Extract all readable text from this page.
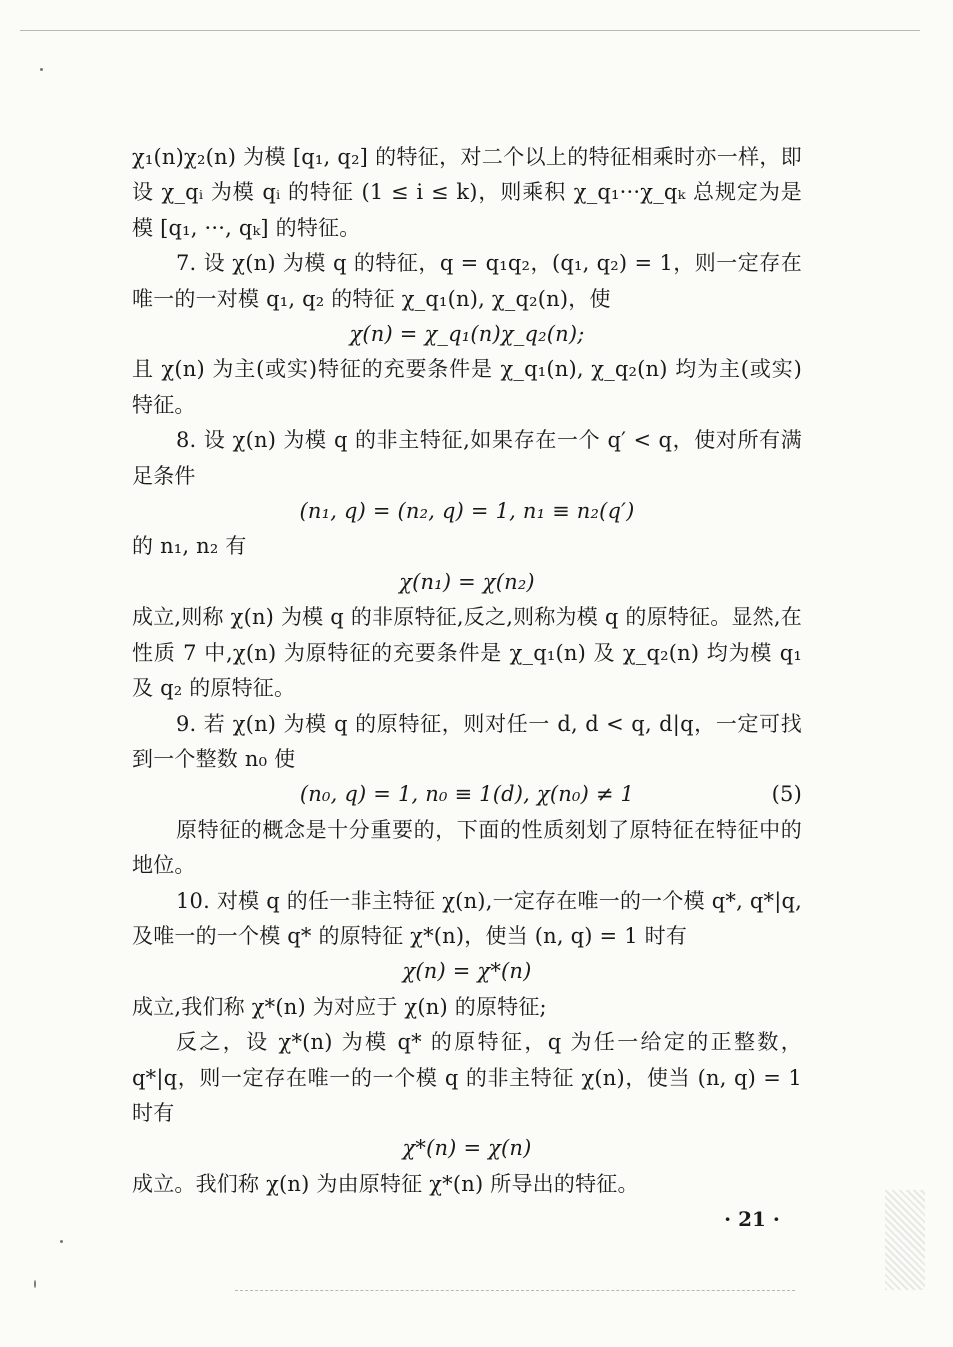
χ₁(n)χ₂(n) 为模 [q₁, q₂] 的特征，对二个以上的特征相乘时亦一样，即设 χ_qᵢ 为模 qᵢ 的特征 (1 ≤ i ≤ k)，则乘积 χ_q₁···χ_qₖ 总规定为是模 [q₁, ···, qₖ] 的特征。

7. 设 χ(n) 为模 q 的特征，q = q₁q₂，(q₁, q₂) = 1，则一定存在唯一的一对模 q₁, q₂ 的特征 χ_q₁(n), χ_q₂(n)，使

χ(n) = χ_q₁(n)χ_q₂(n);

且 χ(n) 为主(或实)特征的充要条件是 χ_q₁(n), χ_q₂(n) 均为主(或实)特征。

8. 设 χ(n) 为模 q 的非主特征,如果存在一个 q′ < q，使对所有满足条件

(n₁, q) = (n₂, q) = 1, n₁ ≡ n₂(q′)

的 n₁, n₂ 有

χ(n₁) = χ(n₂)

成立,则称 χ(n) 为模 q 的非原特征,反之,则称为模 q 的原特征。显然,在性质 7 中,χ(n) 为原特征的充要条件是 χ_q₁(n) 及 χ_q₂(n) 均为模 q₁ 及 q₂ 的原特征。

9. 若 χ(n) 为模 q 的原特征，则对任一 d, d < q, d|q，一定可找到一个整数 n₀ 使

(n₀, q) = 1, n₀ ≡ 1(d), χ(n₀) ≠ 1	(5)

原特征的概念是十分重要的，下面的性质刻划了原特征在特征中的地位。

10. 对模 q 的任一非主特征 χ(n),一定存在唯一的一个模 q*, q*|q, 及唯一的一个模 q* 的原特征 χ*(n)，使当 (n, q) = 1 时有

χ(n) = χ*(n)

成立,我们称 χ*(n) 为对应于 χ(n) 的原特征;

反之，设 χ*(n) 为模 q* 的原特征，q 为任一给定的正整数，q*|q，则一定存在唯一的一个模 q 的非主特征 χ(n)，使当 (n, q) = 1 时有

χ*(n) = χ(n)

成立。我们称 χ(n) 为由原特征 χ*(n) 所导出的特征。

· 21 ·
